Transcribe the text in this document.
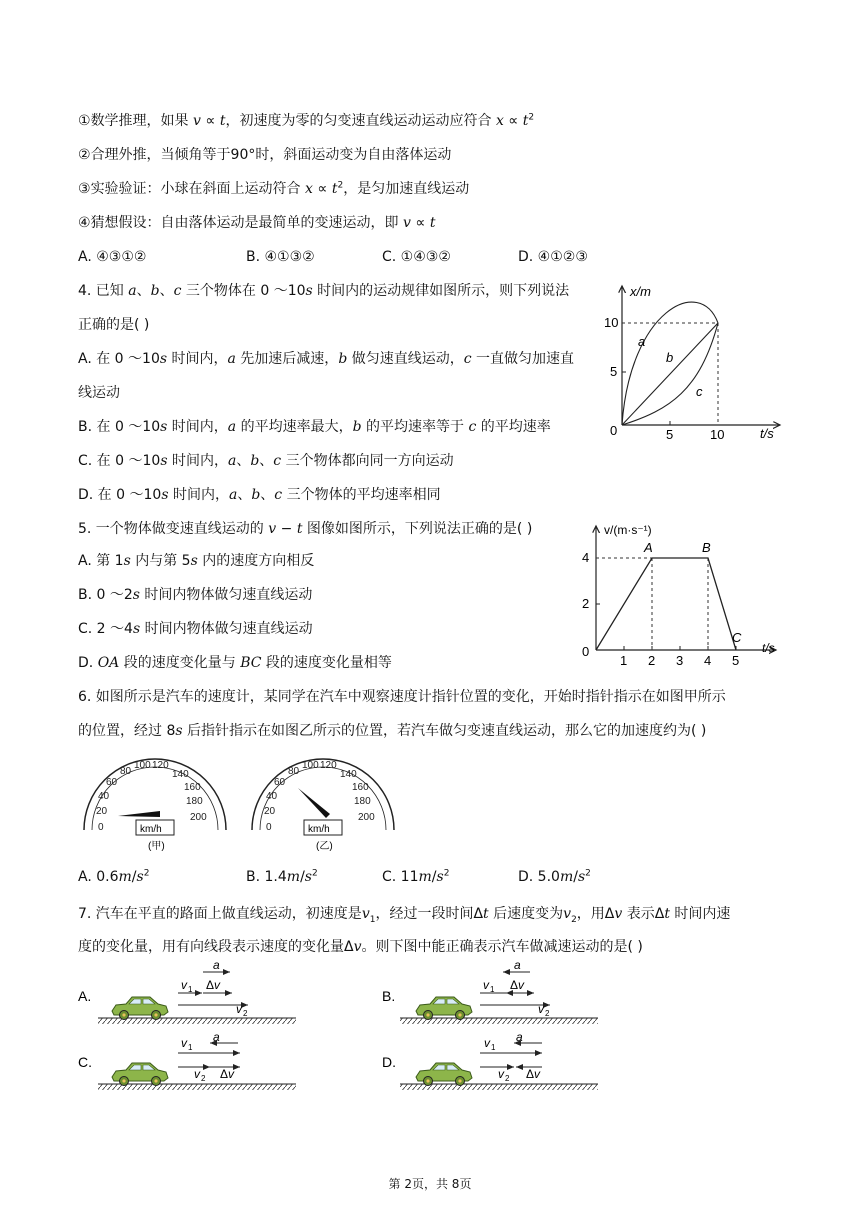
①数学推理，如果 v ∝ t，初速度为零的匀变速直线运动运动应符合 $x \propto t^2$
②合理外推，当倾角等于90°时，斜面运动变为自由落体运动
③实验验证：小球在斜面上运动符合 $x \propto t^2$，是匀加速直线运动
④猜想假设：自由落体运动是最简单的变速运动，即 v ∝ t
A. ④③①②	B. ④①③②	C. ①④③②	D. ④①②③
4. 已知 a、b、c 三个物体在 0 ～10s 时间内的运动规律如图所示，则下列说法
正确的是( )
A. 在 0 ～10s 时间内，a 先加速后减速，b 做匀速直线运动，c 一直做匀加速直
线运动
B. 在 0 ～10s 时间内，a 的平均速率最大，b 的平均速率等于 c 的平均速率
C. 在 0 ～10s 时间内，a、b、c 三个物体都向同一方向运动
D. 在 0 ～10s 时间内，a、b、c 三个物体的平均速率相同
x/m
t/s
10
5
0	5	10
a
b
c
5. 一个物体做变速直线运动的 v − t 图像如图所示，下列说法正确的是( )
A. 第 1s 内与第 5s 内的速度方向相反
B. 0 ～2s 时间内物体做匀速直线运动
C. 2 ～4s 时间内物体做匀速直线运动
D. OA 段的速度变化量与 BC 段的速度变化量相等
v/(m·s⁻¹)
t/s
4
2
0
1 2 3 4 5
A	B
C
6. 如图所示是汽车的速度计，某同学在汽车中观察速度计指针位置的变化，开始时指针指示在如图甲所示
的位置，经过 8s 后指针指示在如图乙所示的位置，若汽车做匀变速直线运动，那么它的加速度约为( )
0
20
40
60
80
100 120
140
160
180
200
km/h
(甲)
0
20
40
60
80
100 120
140
160
180
200
km/h
(乙)
A. $0.6m/s^2$	B. $1.4m/s^2$	C. $11m/s^2$	D. $5.0m/s^2$
7. 汽车在平直的路面上做直线运动，初速度是$v_1$，经过一段时间Δt 后速度变为$v_2$，用Δv 表示Δt 时间内速
度的变化量，用有向线段表示速度的变化量Δv。则下图中能正确表示汽车做减速运动的是( )
A.
a
v 1 Δv
v 2
B.
a
v 1 Δv
v 2
C.
v 1
a
v 2 Δv
D.
v 1
a
v 2 Δv
第 2页，共 8页
